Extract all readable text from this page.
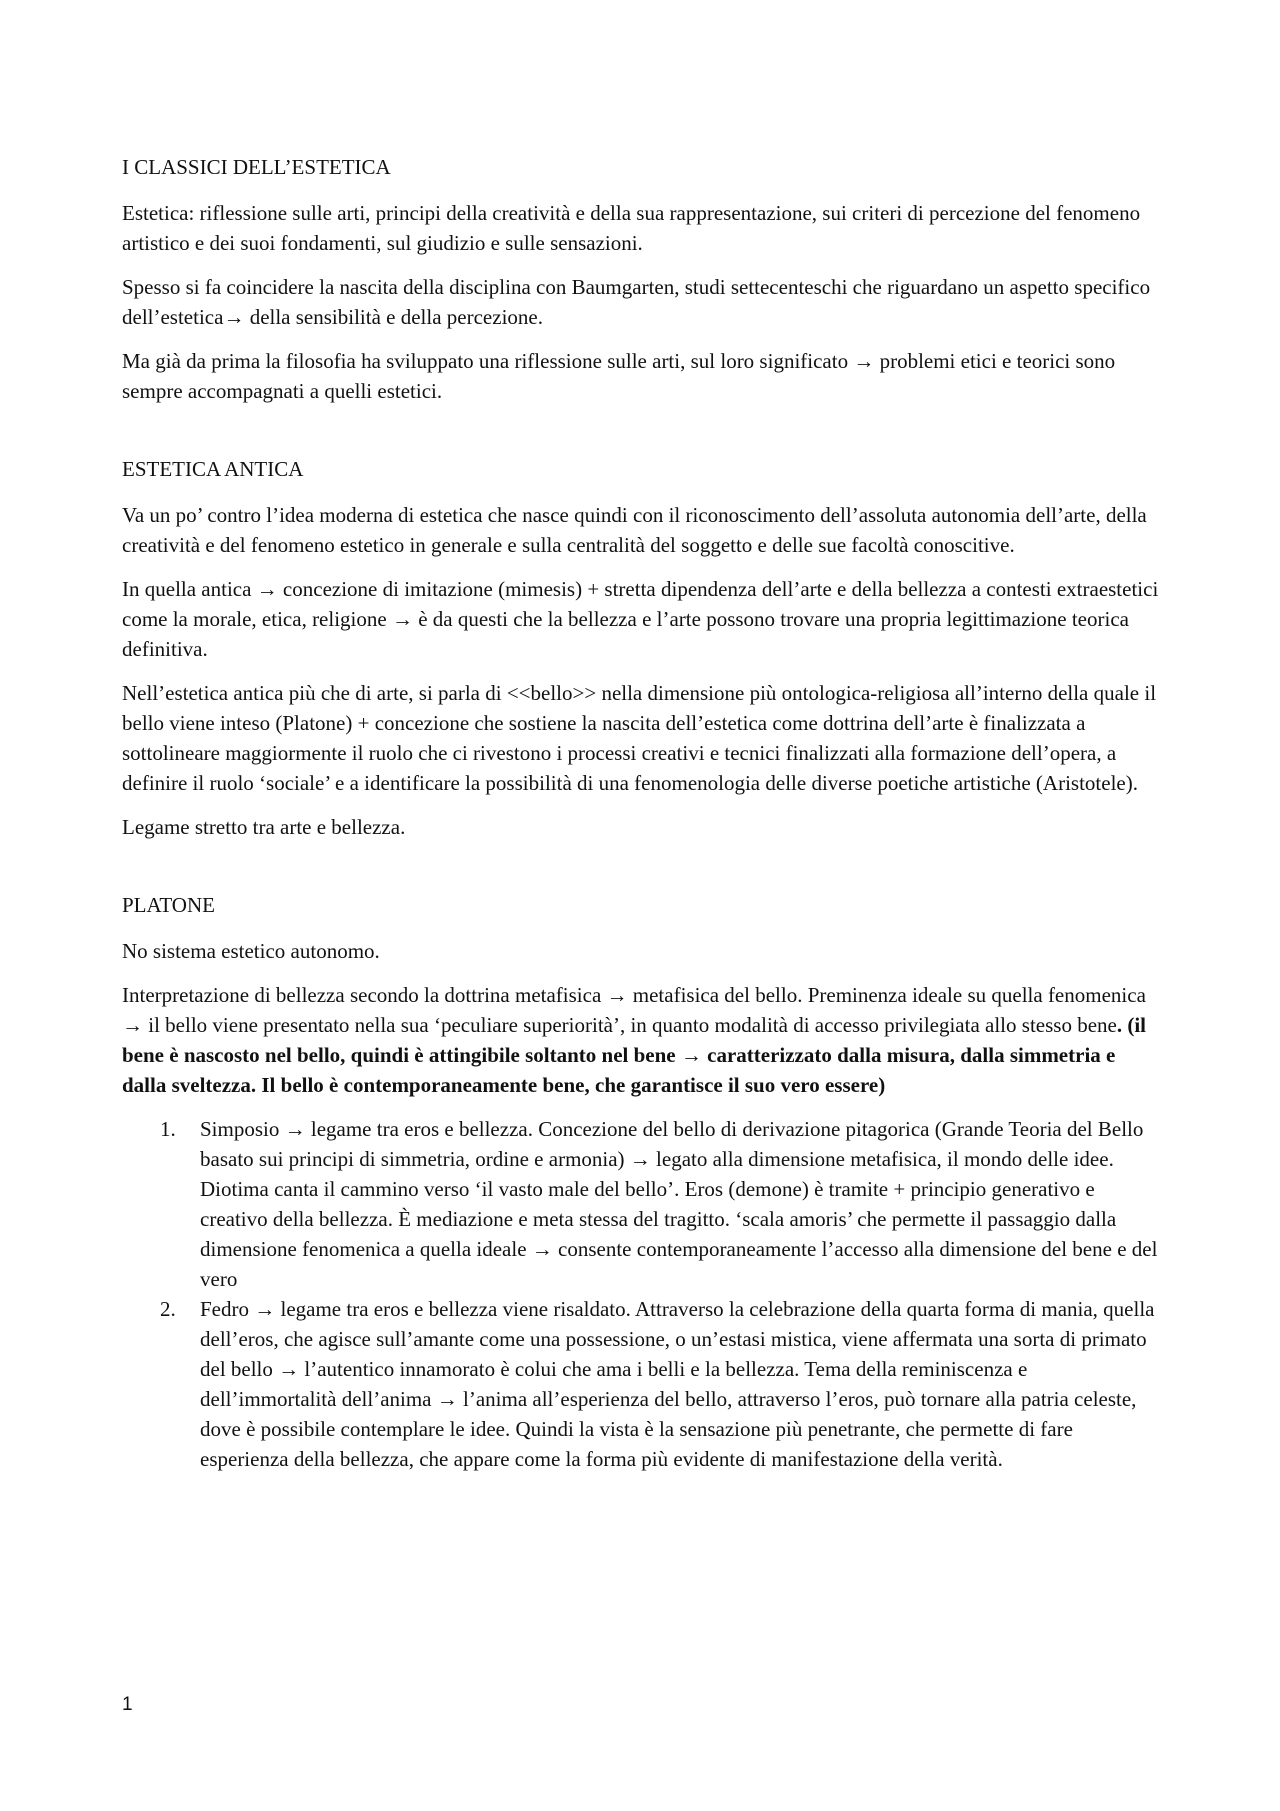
I CLASSICI DELL’ESTETICA

Estetica: riflessione sulle arti, principi della creatività e della sua rappresentazione, sui criteri di percezione del fenomeno artistico e dei suoi fondamenti, sul giudizio e sulle sensazioni.

Spesso si fa coincidere la nascita della disciplina con Baumgarten, studi settecenteschi che riguardano un aspetto specifico dell’estetica→ della sensibilità e della percezione.

Ma già da prima la filosofia ha sviluppato una riflessione sulle arti, sul loro significato → problemi etici e teorici sono sempre accompagnati a quelli estetici.

ESTETICA ANTICA

Va un po’ contro l’idea moderna di estetica che nasce quindi con il riconoscimento dell’assoluta autonomia dell’arte, della creatività e del fenomeno estetico in generale e sulla centralità del soggetto e delle sue facoltà conoscitive.

In quella antica → concezione di imitazione (mimesis) + stretta dipendenza dell’arte e della bellezza a contesti extraestetici come la morale, etica, religione → è da questi che la bellezza e l’arte possono trovare una propria legittimazione teorica definitiva.

Nell’estetica antica più che di arte, si parla di <<bello>> nella dimensione più ontologica-religiosa all’interno della quale il bello viene inteso (Platone) + concezione che sostiene la nascita dell’estetica come dottrina dell’arte è finalizzata a sottolineare maggiormente il ruolo che ci rivestono i processi creativi e tecnici finalizzati alla formazione dell’opera, a definire il ruolo ‘sociale’ e a identificare la possibilità di una fenomenologia delle diverse poetiche artistiche (Aristotele).

Legame stretto tra arte e bellezza.

PLATONE

No sistema estetico autonomo.

Interpretazione di bellezza secondo la dottrina metafisica → metafisica del bello. Preminenza ideale su quella fenomenica → il bello viene presentato nella sua ‘peculiare superiorità’, in quanto modalità di accesso privilegiata allo stesso bene. (il bene è nascosto nel bello, quindi è attingibile soltanto nel bene → caratterizzato dalla misura, dalla simmetria e dalla sveltezza. Il bello è contemporaneamente bene, che garantisce il suo vero essere)

1. Simposio → legame tra eros e bellezza. Concezione del bello di derivazione pitagorica (Grande Teoria del Bello basato sui principi di simmetria, ordine e armonia) → legato alla dimensione metafisica, il mondo delle idee.
Diotima canta il cammino verso ‘il vasto male del bello’. Eros (demone) è tramite + principio generativo e creativo della bellezza. È mediazione e meta stessa del tragitto. ‘scala amoris’ che permette il passaggio dalla dimensione fenomenica a quella ideale → consente contemporaneamente l’accesso alla dimensione del bene e del vero
2. Fedro → legame tra eros e bellezza viene risaldato. Attraverso la celebrazione della quarta forma di mania, quella dell’eros, che agisce sull’amante come una possessione, o un’estasi mistica, viene affermata una sorta di primato del bello → l’autentico innamorato è colui che ama i belli e la bellezza. Tema della reminiscenza e dell’immortalità dell’anima → l’anima all’esperienza del bello, attraverso l’eros, può tornare alla patria celeste, dove è possibile contemplare le idee. Quindi la vista è la sensazione più penetrante, che permette di fare esperienza della bellezza, che appare come la forma più evidente di manifestazione della verità.
1
